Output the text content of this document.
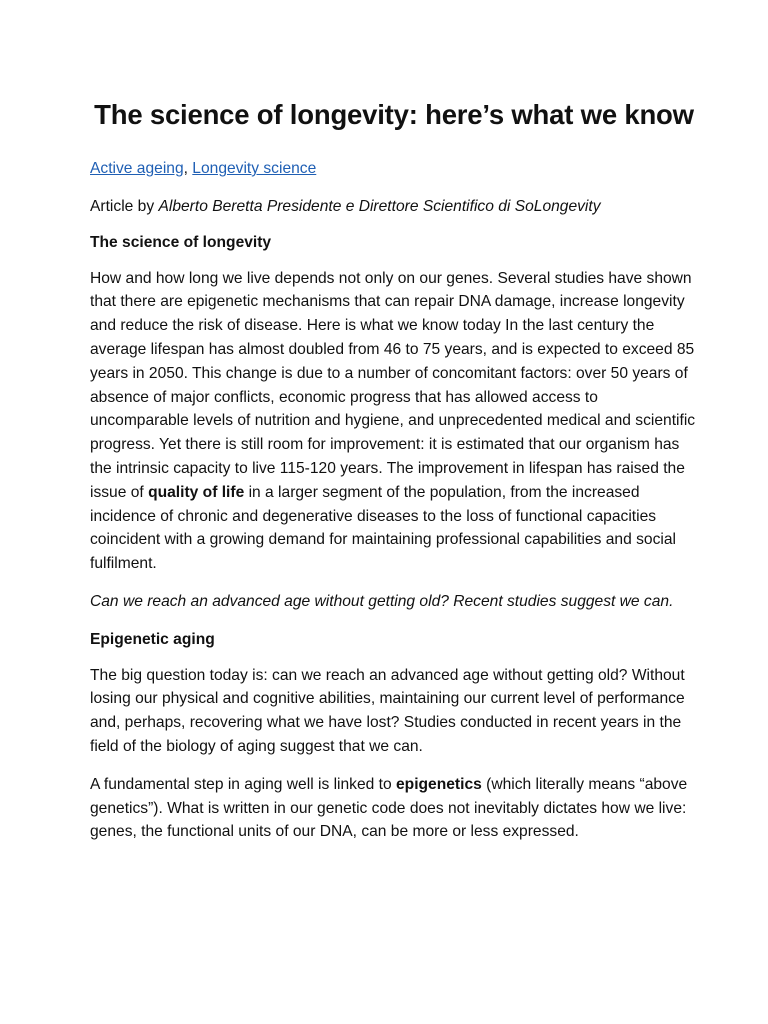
The science of longevity: here’s what we know
Active ageing, Longevity science

Article by Alberto Beretta Presidente e Direttore Scientifico di SoLongevity

The science of longevity

How and how long we live depends not only on our genes. Several studies have shown that there are epigenetic mechanisms that can repair DNA damage, increase longevity and reduce the risk of disease. Here is what we know today In the last century the average lifespan has almost doubled from 46 to 75 years, and is expected to exceed 85 years in 2050. This change is due to a number of concomitant factors: over 50 years of absence of major conflicts, economic progress that has allowed access to uncomparable levels of nutrition and hygiene, and unprecedented medical and scientific progress. Yet there is still room for improvement: it is estimated that our organism has the intrinsic capacity to live 115-120 years. The improvement in lifespan has raised the issue of quality of life in a larger segment of the population, from the increased incidence of chronic and degenerative diseases to the loss of functional capacities coincident with a growing demand for maintaining professional capabilities and social fulfilment.

Can we reach an advanced age without getting old? Recent studies suggest we can.

Epigenetic aging

The big question today is: can we reach an advanced age without getting old? Without losing our physical and cognitive abilities, maintaining our current level of performance and, perhaps, recovering what we have lost? Studies conducted in recent years in the field of the biology of aging suggest that we can.

A fundamental step in aging well is linked to epigenetics (which literally means “above genetics”). What is written in our genetic code does not inevitably dictates how we live: genes, the functional units of our DNA, can be more or less expressed.
